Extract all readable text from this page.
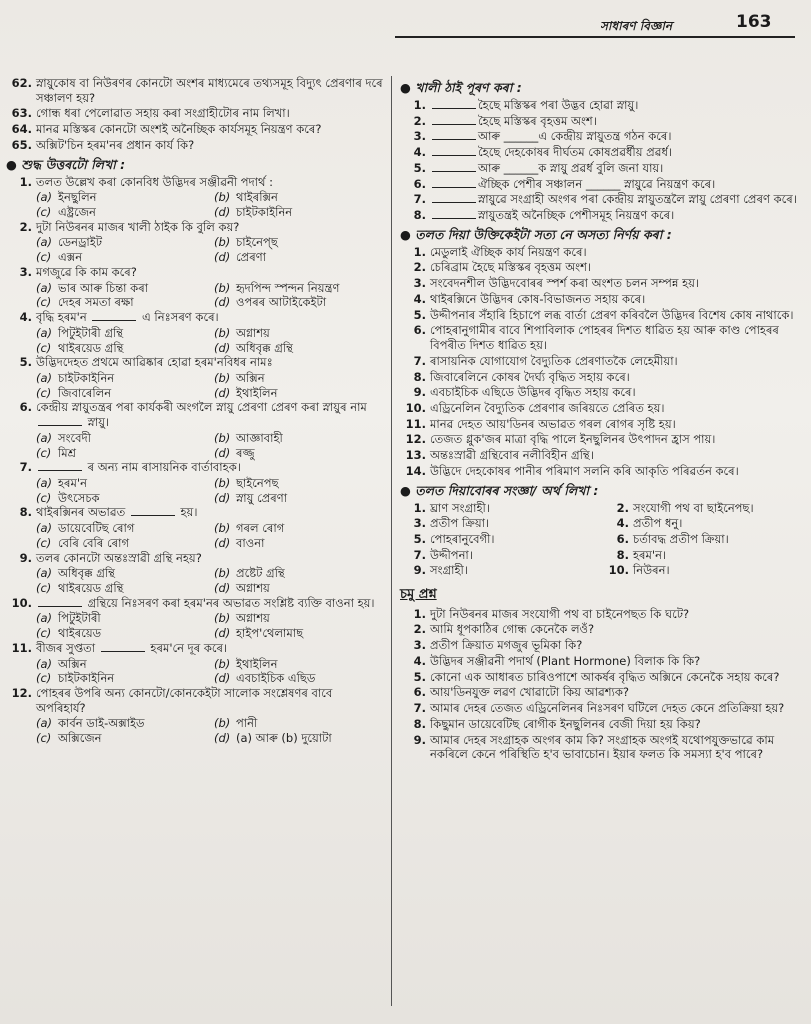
সাধাৰণ বিজ্ঞান	163
62. স্নায়ুকোষ বা নিউৰণৰ কোনটো অংশৰ মাধ্যমেৰে তথ্যসমূহ বিদ্যুৎ প্ৰেৰণাৰ দৰে সঞ্চালণ হয়?
63. গোন্ধ ধৰা পেলোৱাত সহায় কৰা সংগ্ৰাহীটোৰ নাম লিখা।
64. মানৱ মস্তিস্কৰ কোনটো অংশই অনৈচ্ছিক কাৰ্যসমূহ নিয়ন্ত্ৰণ কৰে?
65. অক্সিট'চিন হৰম'নৰ প্ৰধান কাৰ্য কি?
● শুদ্ধ উত্তৰটো লিখা :
1. তলত উল্লেখ কৰা কোনবিধ উদ্ভিদৰ সঞ্জীৱনী পদাৰ্থ :
(a) ইনছুলিন	(b) থাইৰক্সিন
(c) এষ্ট্ৰজেন	(d) চাইটকাইনিন
2. দুটা নিউৰনৰ মাজৰ খালী ঠাইক কি বুলি কয়?
(a) ডেনড্ৰাইট	(b) চাইনেপ্ছ
(c) এক্সন	(d) প্ৰেৰণা
3. মগজুৱে কি কাম কৰে?
(a) ভাৰ আৰু চিন্তা কৰা	(b) হৃদপিন্দ স্পন্দন নিয়ন্ত্ৰণ
(c) দেহৰ সমতা ৰক্ষা	(d) ওপৰৰ আটাইকেইটা
4. বৃদ্ধি হৰম'ন	এ নিঃসৰণ কৰে।
(a) পিটুইটাৰী গ্ৰন্থি	(b) অগ্নাশয়
(c) থাইৰয়েড গ্ৰন্থি	(d) অধিবৃক্ক গ্ৰন্থি
5. উদ্ভিদদেহত প্ৰথমে আৱিষ্কাৰ হোৱা হৰম'নবিধৰ নামঃ
(a) চাইটকাইনিন	(b) অক্সিন
(c) জিবাৰেলিন	(d) ইথাইলিন
6. কেন্দ্ৰীয় স্নায়ুতন্ত্ৰৰ পৰা কাৰ্যকৰী অংগলৈ স্নায়ু প্ৰেৰণা প্ৰেৰণ কৰা স্নায়ুৰ নাম  স্নায়ু।
(a) সংবেদী	(b) আজ্ঞাবাহী
(c) মিশ্ৰ	(d) ৰজ্জু
7.	ৰ অন্য নাম ৰাসায়নিক বাৰ্তাবাহক।
(a) হৰম'ন	(b) ছাইনেপছ
(c) উৎসেচক	(d) স্নায়ু প্ৰেৰণা
8. থাইৰক্সিনৰ অভাৱত	হয়।
(a) ডায়েবেটিছ ৰোগ	(b) গৰল ৰোগ
(c) বেৰি বেৰি ৰোগ	(d) বাওনা
9. তলৰ কোনটো অন্তঃস্ৰাৱী গ্ৰন্থি নহয়?
(a) অধিবৃক্ক গ্ৰন্থি	(b) প্ৰষ্টেট গ্ৰন্থি
(c) থাইৰয়েড গ্ৰন্থি	(d) অগ্নাশয়
10.	গ্ৰন্থিয়ে নিঃসৰণ কৰা হৰম'নৰ অভাৱত সংশ্লিষ্ট ব্যক্তি বাওনা হয়।
(a) পিটুইটাৰী	(b) অগ্নাশয়
(c) থাইৰয়েড	(d) হাইপ'থেলামাছ
11. বীজৰ সুপ্ততা	হৰম'নে দূৰ কৰে।
(a) অক্সিন	(b) ইথাইলিন
(c) চাইটকাইনিন	(d) এবচাইচিক এছিড
12. পোহৰৰ উপৰি অন্য কোনটো/কোনকেইটা সালোক সংশ্লেষণৰ বাবে অপৰিহাৰ্য?
(a) কাৰ্বন ডাই-অক্সাইড	(b) পানী
(c) অক্সিজেন	(d) (a) আৰু (b) দুয়োটা
● খালী ঠাই পূৰণ কৰা :
1.	হৈছে মস্তিস্কৰ পৰা উদ্ভব হোৱা স্নায়ু।
2.	হৈছে মস্তিস্কৰ বৃহত্তম অংশ।
3.	আৰু ______এ কেন্দ্ৰীয় স্নায়ুতন্ত্ৰ গঠন কৰে।
4.	হৈছে দেহকোষৰ দীৰ্ঘতম কোষপ্ৰৱৰ্ধীয় প্ৰৱৰ্ধ।
5.	আৰু ______ক স্নায়ু প্ৰৱৰ্ধ বুলি জনা যায়।
6.	ঐচ্ছিক পেশীৰ সঞ্চালন ______ স্নায়ুৱে নিয়ন্ত্ৰণ কৰে।
7.	স্নায়ুৱে সংগ্ৰাহী অংগৰ পৰা কেন্দ্ৰীয় স্নায়ুতন্ত্ৰলৈ স্নায়ু প্ৰেৰণা প্ৰেৰণ কৰে।
8.	স্নায়ুতন্ত্ৰই অনৈচ্ছিক পেশীসমূহ নিয়ন্ত্ৰণ কৰে।
● তলত দিয়া উক্তিকেইটা সত্য নে অসত্য নিৰ্ণয় কৰা :
1. মেডুলাই ঐচ্ছিক কাৰ্য নিয়ন্ত্ৰণ কৰে।
2. চেৰিব্ৰাম হৈছে মস্তিস্কৰ বৃহত্তম অংশ।
3. সংবেদনশীল উদ্ভিদবোৰৰ স্পৰ্শ কৰা অংশত চলন সম্পন্ন হয়।
4. থাইৰক্সিনে উদ্ভিদৰ কোষ-বিভাজনত সহায় কৰে।
5. উদ্দীপনাৰ সঁহাৰি হিচাপে লব্ধ বাৰ্তা প্ৰেৰণ কৰিবলৈ উদ্ভিদৰ বিশেষ কোষ নাথাকে।
6. পোহৰানুগামীৰ বাবে শিপাবিলাক পোহৰৰ দিশত ধাৱিত হয় আৰু কাণ্ড পোহৰৰ বিপৰীত দিশত ধাৱিত হয়।
7. ৰাসায়নিক যোগাযোগ বৈদ্যুতিক প্ৰেৰণাতকৈ লেহেমীয়া।
8. জিবাৰেলিনে কোষৰ দৈৰ্ঘ্য বৃদ্ধিত সহায় কৰে।
9. এবচাইচিক এছিডে উদ্ভিদৰ বৃদ্ধিত সহায় কৰে।
10. এড্ৰিনেলিন বৈদ্যুতিক প্ৰেৰণাৰ জৰিয়তে প্ৰেৰিত হয়।
11. মানৱ দেহত আয়'ডিনৰ অভাৱত গৰল ৰোগৰ সৃষ্টি হয়।
12. তেজত গ্লুক'জৰ মাত্ৰা বৃদ্ধি পালে ইনছুলিনৰ উৎপাদন হ্ৰাস পায়।
13. অন্তঃস্ৰাৱী গ্ৰন্থিবোৰ নলীবিহীন গ্ৰন্থি।
14. উদ্ভিদে দেহকোষৰ পানীৰ পৰিমাণ সলনি কৰি আকৃতি পৰিৱৰ্তন কৰে।
● তলত দিয়াবোৰৰ সংজ্ঞা/ অৰ্থ লিখা :
1. ঘ্ৰাণ সংগ্ৰাহী।	2. সংযোগী পথ বা ছাইনেপছ।
3. প্ৰতীপ ক্ৰিয়া।	4. প্ৰতীপ ধনু।
5. পোহৰানুবেগী।	6. চৰ্তাবদ্ধ প্ৰতীপ ক্ৰিয়া।
7. উদ্দীপনা।	8. হৰম'ন।
9. সংগ্ৰাহী।	10. নিউৰন।
চমু প্ৰশ্ন
1. দুটা নিউৰনৰ মাজৰ সংযোগী পথ বা চাইনেপছত কি ঘটে?
2. আমি ধূপকাঠিৰ গোন্ধ কেনেকৈ লওঁ?
3. প্ৰতীপ ক্ৰিয়াত মগজুৰ ভূমিকা কি?
4. উদ্ভিদৰ সঞ্জীৱনী পদাৰ্থ (Plant Hormone) বিলাক কি কি?
5. কোনো এক আধাৰত চাৰিওপাশে আকৰ্ষৰ বৃদ্ধিত অক্সিনে কেনেকৈ সহায় কৰে?
6. আয়'ডিনযুক্ত লৱণ খোৱাটো কিয় আৱশ্যক?
7. আমাৰ দেহৰ তেজত এড্ৰিনেলিনৰ নিঃসৰণ ঘটিলে দেহত কেনে প্ৰতিক্ৰিয়া হয়?
8. কিছুমান ডায়েবেটিছ ৰোগীক ইনছুলিনৰ বেজী দিয়া হয় কিয়?
9. আমাৰ দেহৰ সংগ্ৰাহক অংগৰ কাম কি? সংগ্ৰাহক অংগই যথোপযুক্তভাৱে কাম নকৰিলে কেনে পৰিস্থিতি হ'ব ভাবাচোন। ইয়াৰ ফলত কি সমস্যা হ'ব পাৰে?
